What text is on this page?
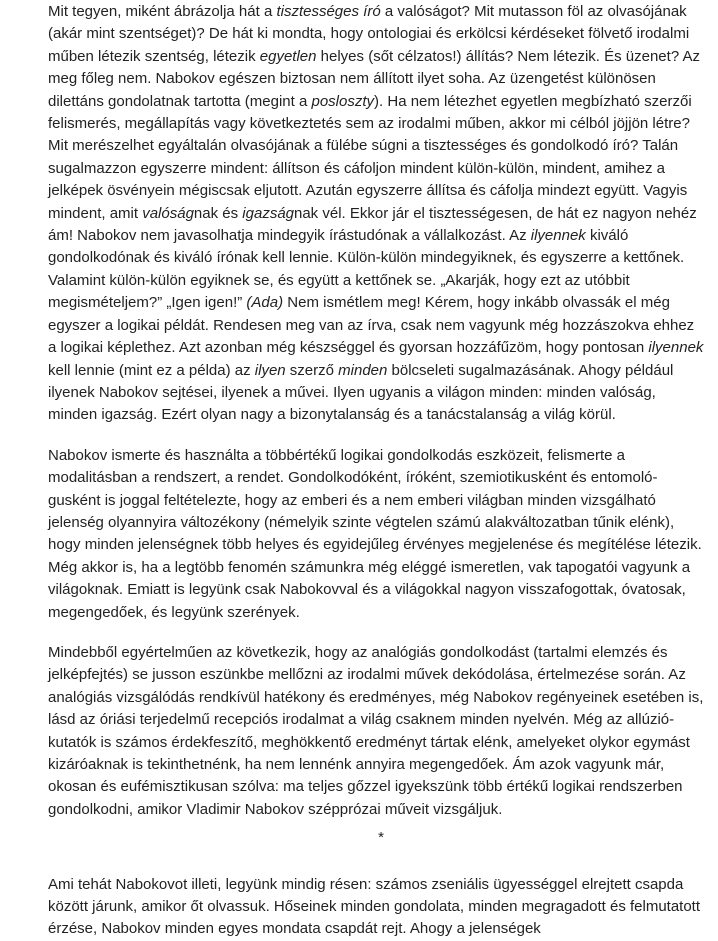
Mit tegyen, miként ábrázolja hát a tisztességes író a valóságot? Mit mutasson föl az olvasójának (akár mint szentséget)? De hát ki mondta, hogy ontologiai és erkölcsi kérdéseket fölvető irodalmi műben létezik szentség, létezik egyetlen helyes (sőt célzatos!) állítás? Nem létezik. És üzenet? Az meg főleg nem. Nabokov egészen biztosan nem állított ilyet soha. Az üzengetést különösen dilettáns gondolatnak tartotta (megint a posloszty). Ha nem létezhet egyetlen megbízható szerzői felismerés, megállapítás vagy következtetés sem az irodalmi műben, akkor mi célból jöjjön létre? Mit merészelhet egyáltalán olvasójának a fülébe súgni a tisztességes és gondolkodó író? Talán sugalmazzon egyszerre mindent: állítson és cáfoljon mindent külön-külön, mindent, amihez a jelképek ösvényein mégiscsak eljutott. Azután egyszerre állítsa és cáfolja mindezt együtt. Vagyis mindent, amit valóságnak és igazságnak vél. Ekkor jár el tisztességesen, de hát ez nagyon nehéz ám! Nabokov nem javasolhatja mindegyik írástudónak a vállalkozást. Az ilyennek kiváló gondolkodónak és kiváló írónak kell lennie. Külön-külön mindegyiknek, és egyszerre a kettőnek. Valamint külön-külön egyiknek se, és együtt a kettőnek se. „Akarják, hogy ezt az utóbbit megismételjem?” „Igen igen!” (Ada) Nem ismétlem meg! Kérem, hogy inkább olvassák el még egyszer a logikai példát. Rendesen meg van az írva, csak nem vagyunk még hozzászokva ehhez a logikai képlethez. Azt azonban még készséggel és gyorsan hozzáfűzöm, hogy pontosan ilyennek kell lennie (mint ez a példa) az ilyen szerző minden bölcseleti sugalmazásának. Ahogy például ilyenek Nabokov sejtései, ilyenek a művei. Ilyen ugyanis a világon minden: minden valóság, minden igazság. Ezért olyan nagy a bizonytalanság és a tanácstalanság a világ körül.

Nabokov ismerte és használta a többértékű logikai gondolkodás eszközeit, felismerte a modalitásban a rendszert, a rendet. Gondolkodóként, íróként, szemiotikusként és entomológusként is joggal feltételezte, hogy az emberi és a nem emberi világban minden vizsgálható jelenség olyannyira változékony (némelyik szinte végtelen számú alakváltozatban tűnik elénk), hogy minden jelenségnek több helyes és egyidejűleg érvényes megjelenése és megítélése létezik. Még akkor is, ha a legtöbb fenomén számunkra még eléggé ismeretlen, vak tapogatói vagyunk a világoknak. Emiatt is legyünk csak Nabokovval és a világokkal nagyon visszafogottak, óvatosak, megengedőek, és legyünk szerények.

Mindebből egyértelműen az következik, hogy az analógiás gondolkodást (tartalmi elemzés és jelképfejtés) se jusson eszünkbe mellőzni az irodalmi művek dekódolása, értelmezése során. Az analógiás vizsgálódás rendkívül hatékony és eredményes, még Nabokov regényeinek esetében is, lásd az óriási terjedelmű recepciós irodalmat a világ csaknem minden nyelvén. Még az allúzió-kutatók is számos érdekfeszítő, meghökkentő eredményt tártak elénk, amelyeket olykor egymást kizáróaknak is tekinthetnénk, ha nem lennénk annyira megengedőek. Ám azok vagyunk már, okosan és eufémisztikusan szólva: ma teljes gőzzel igyekszünk több értékű logikai rendszerben gondolkodni, amikor Vladimir Nabokov szépprózai műveit vizsgáljuk.

*

Ami tehát Nabokovot illeti, legyünk mindig résen: számos zseniális ügyességgel elrejtett csapda között járunk, amikor őt olvassuk. Hőseinek minden gondolata, minden megragadott és felmutatott érzése, Nabokov minden egyes mondata csapdát rejt. Ahogy a jelenségek
